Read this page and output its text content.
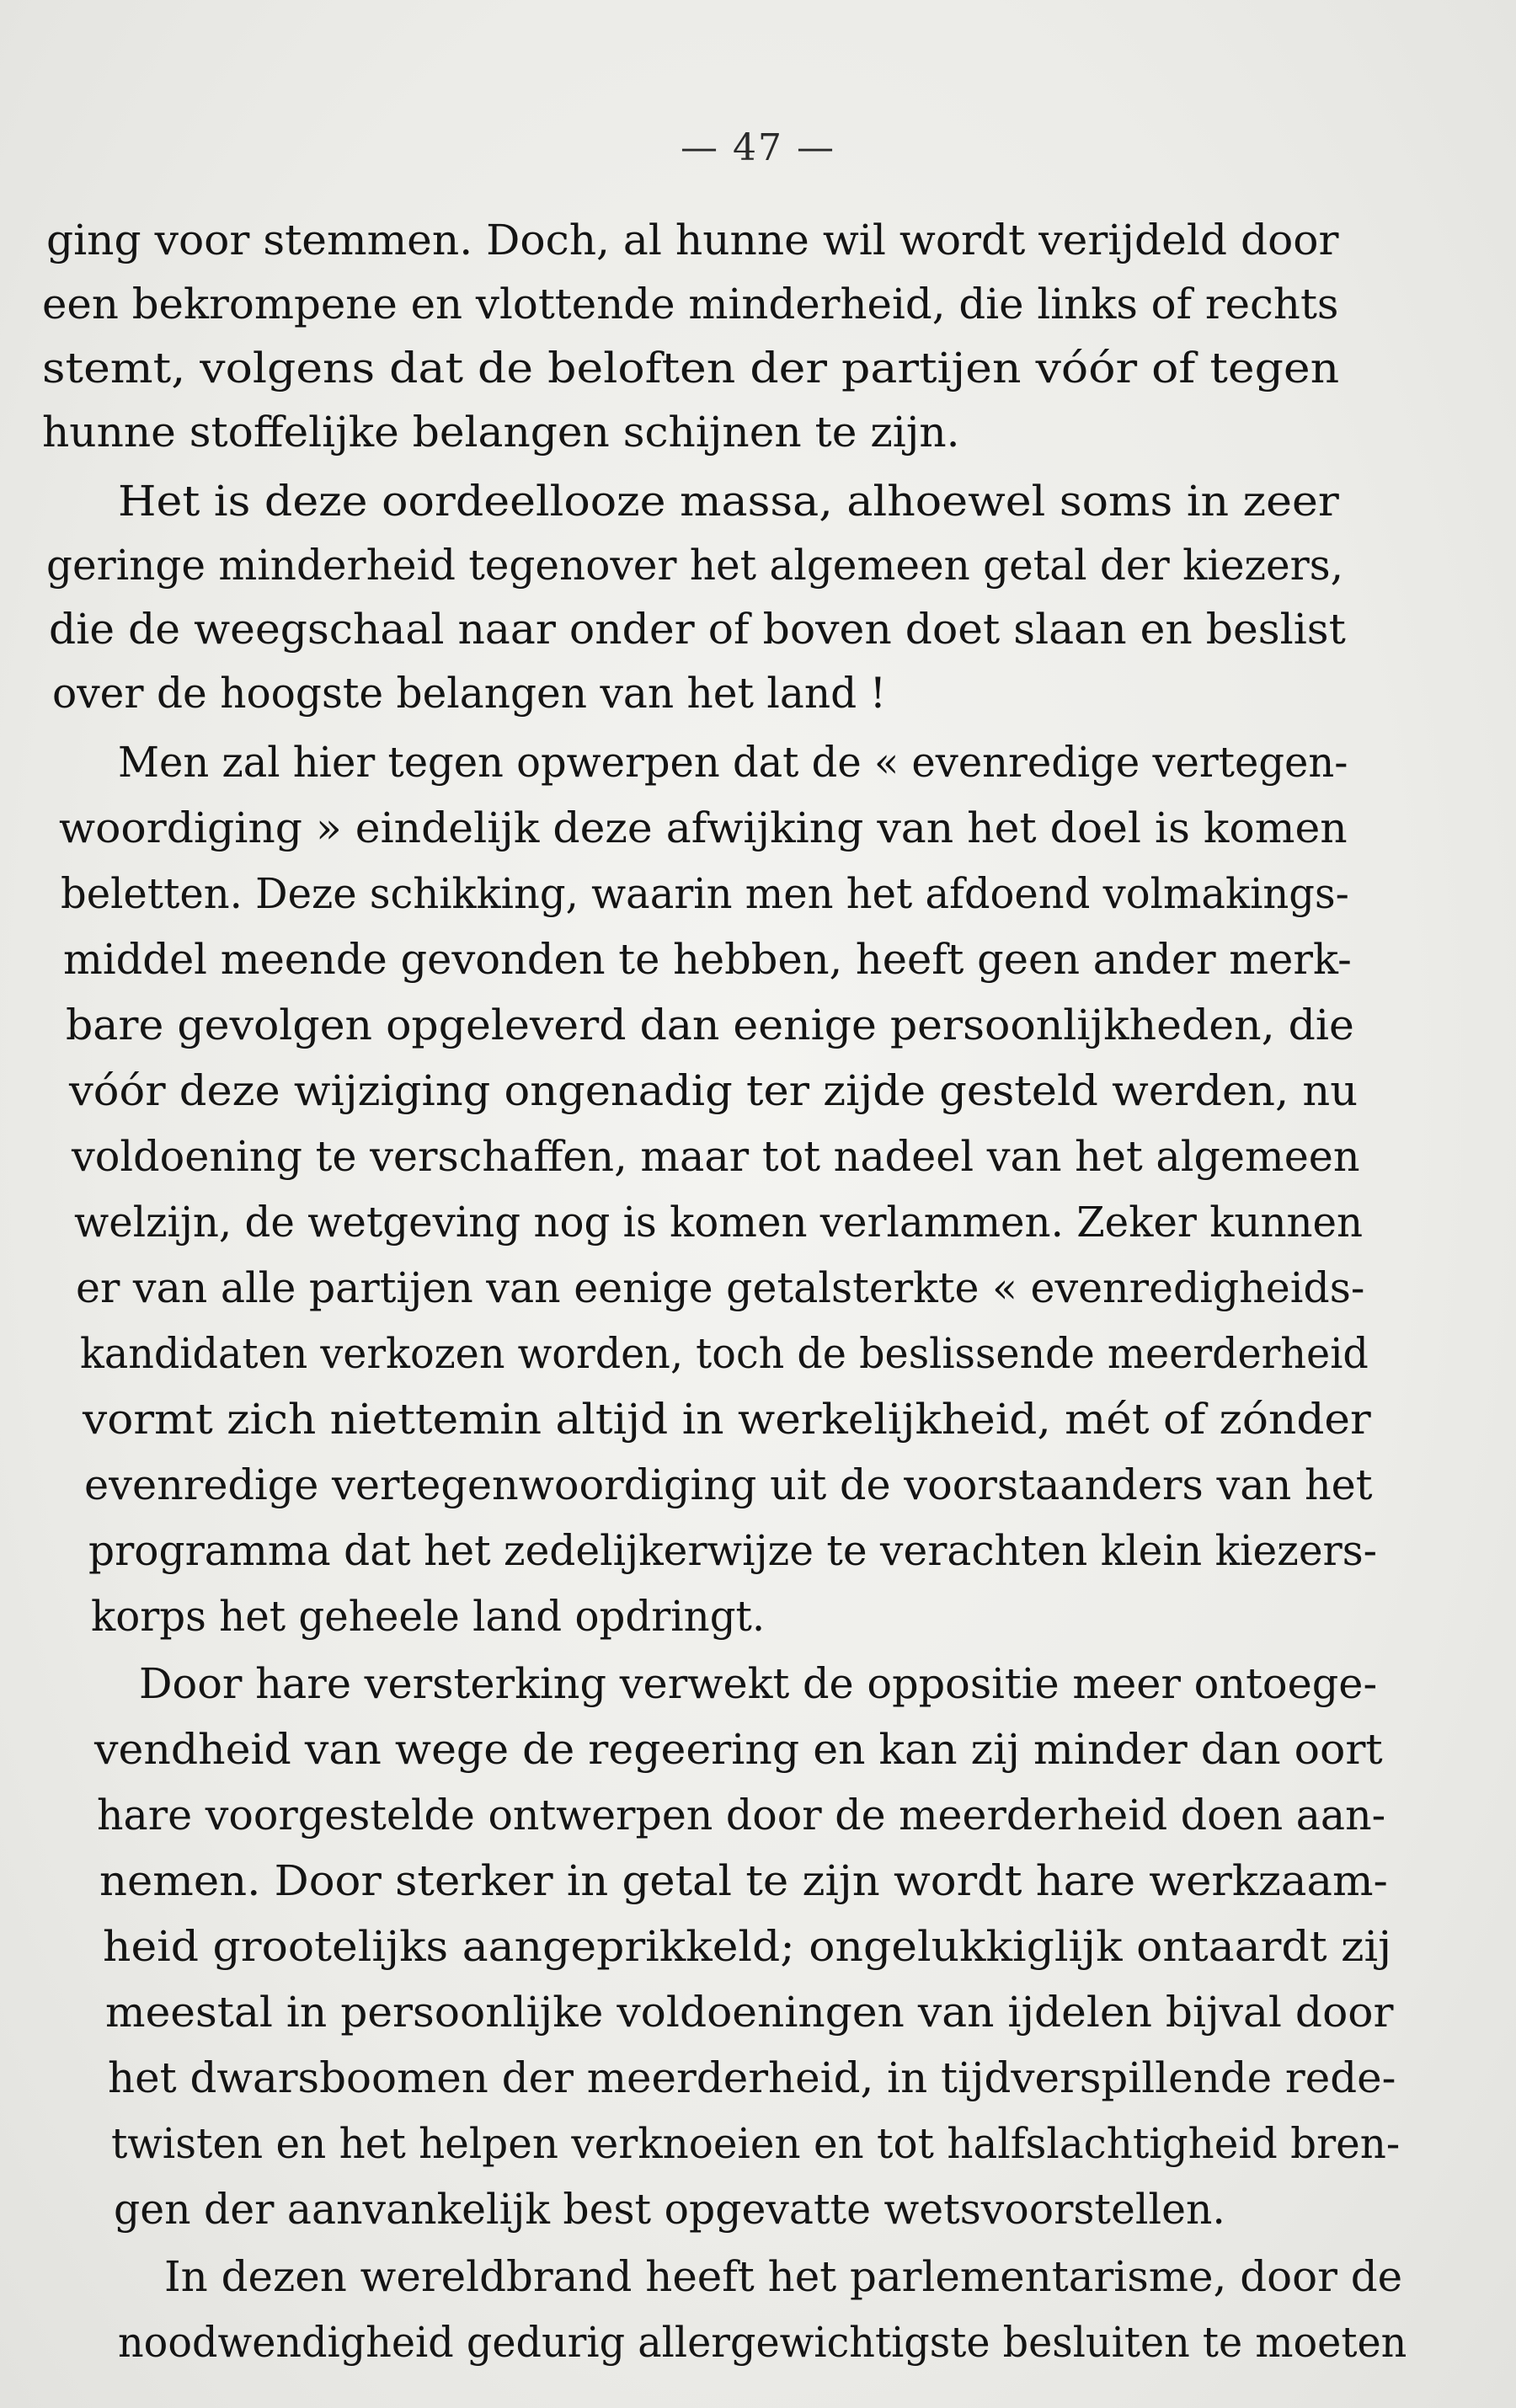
— 47 —
ging voor stemmen. Doch, al hunne wil wordt verijdeld door
een bekrompene en vlottende minderheid, die links of rechts
stemt, volgens dat de beloften der partijen vóór of tegen
hunne stoffelijke belangen schijnen te zijn.
Het is deze oordeellooze massa, alhoewel soms in zeer
geringe minderheid tegenover het algemeen getal der kiezers,
die de weegschaal naar onder of boven doet slaan en beslist
over de hoogste belangen van het land !
Men zal hier tegen opwerpen dat de « evenredige vertegen-
woordiging » eindelijk deze afwijking van het doel is komen
beletten. Deze schikking, waarin men het afdoend volmakings-
middel meende gevonden te hebben, heeft geen ander merk-
bare gevolgen opgeleverd dan eenige persoonlijkheden, die
vóór deze wijziging ongenadig ter zijde gesteld werden, nu
voldoening te verschaffen, maar tot nadeel van het algemeen
welzijn, de wetgeving nog is komen verlammen. Zeker kunnen
er van alle partijen van eenige getalsterkte « evenredigheids-
kandidaten verkozen worden, toch de beslissende meerderheid
vormt zich niettemin altijd in werkelijkheid, mét of zónder
evenredige vertegenwoordiging uit de voorstaanders van het
programma dat het zedelijkerwijze te verachten klein kiezers-
korps het geheele land opdringt.
Door hare versterking verwekt de oppositie meer ontoege-
vendheid van wege de regeering en kan zij minder dan oort
hare voorgestelde ontwerpen door de meerderheid doen aan-
nemen. Door sterker in getal te zijn wordt hare werkzaam-
heid grootelijks aangeprikkeld; ongelukkiglijk ontaardt zij
meestal in persoonlijke voldoeningen van ijdelen bijval door
het dwarsboomen der meerderheid, in tijdverspillende rede-
twisten en het helpen verknoeien en tot halfslachtigheid bren-
gen der aanvankelijk best opgevatte wetsvoorstellen.
In dezen wereldbrand heeft het parlementarisme, door de
noodwendigheid gedurig allergewichtigste besluiten te moeten
